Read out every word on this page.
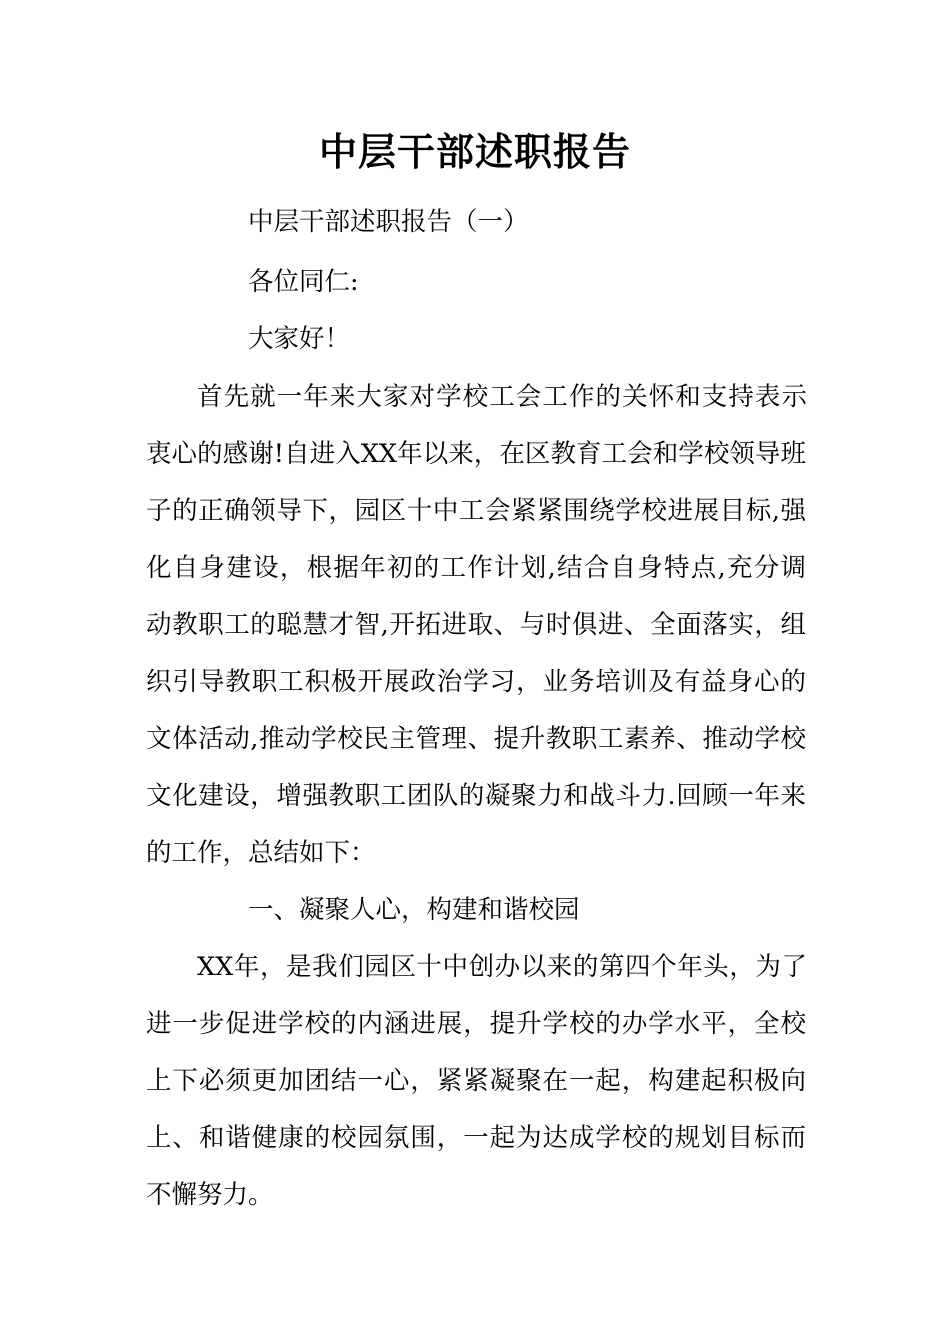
中层干部述职报告
中层干部述职报告（一）
各位同仁:
大家好！
首先就一年来大家对学校工会工作的关怀和支持表示
衷心的感谢!自进入XX年以来，在区教育工会和学校领导班
子的正确领导下，园区十中工会紧紧围绕学校进展目标,强
化自身建设，根据年初的工作计划,结合自身特点,充分调
动教职工的聪慧才智,开拓进取、与时俱进、全面落实，组
织引导教职工积极开展政治学习，业务培训及有益身心的
文体活动,推动学校民主管理、提升教职工素养、推动学校
文化建设，增强教职工团队的凝聚力和战斗力.回顾一年来
的工作，总结如下：
一、凝聚人心，构建和谐校园
XX年，是我们园区十中创办以来的第四个年头，为了
进一步促进学校的内涵进展，提升学校的办学水平，全校
上下必须更加团结一心，紧紧凝聚在一起，构建起积极向
上、和谐健康的校园氛围，一起为达成学校的规划目标而
不懈努力。
